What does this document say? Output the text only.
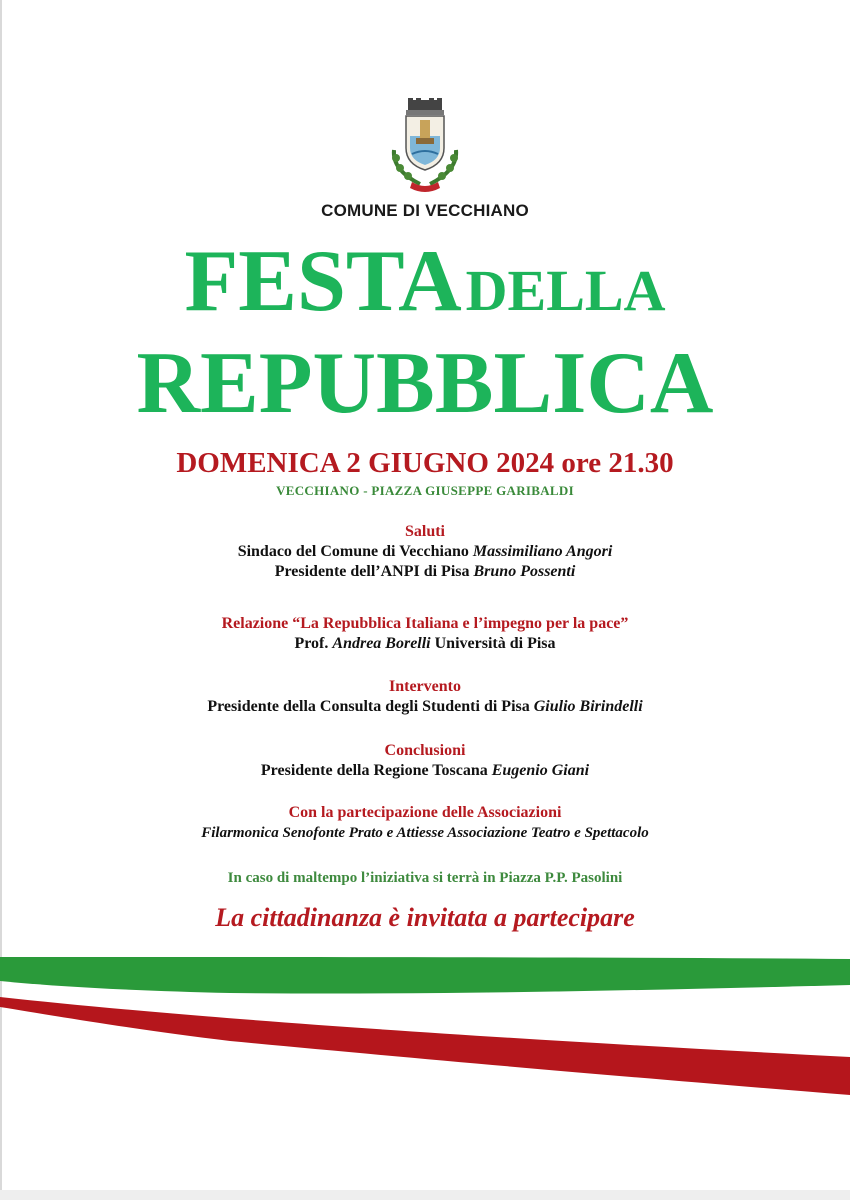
COMUNE DI VECCHIANO
FESTA DELLA
REPUBBLICA
DOMENICA 2 GIUGNO 2024 ore 21.30
VECCHIANO - PIAZZA GIUSEPPE GARIBALDI
Saluti
Sindaco del Comune di Vecchiano Massimiliano Angori
Presidente dell’ANPI di Pisa Bruno Possenti
Relazione “La Repubblica Italiana e l’impegno per la pace”
Prof. Andrea Borelli Università di Pisa
Intervento
Presidente della Consulta degli Studenti di Pisa Giulio Birindelli
Conclusioni
Presidente della Regione Toscana Eugenio Giani
Con la partecipazione delle Associazioni
Filarmonica Senofonte Prato e Attiesse Associazione Teatro e Spettacolo
In caso di maltempo l’iniziativa si terrà in Piazza P.P. Pasolini
La cittadinanza è invitata a partecipare
